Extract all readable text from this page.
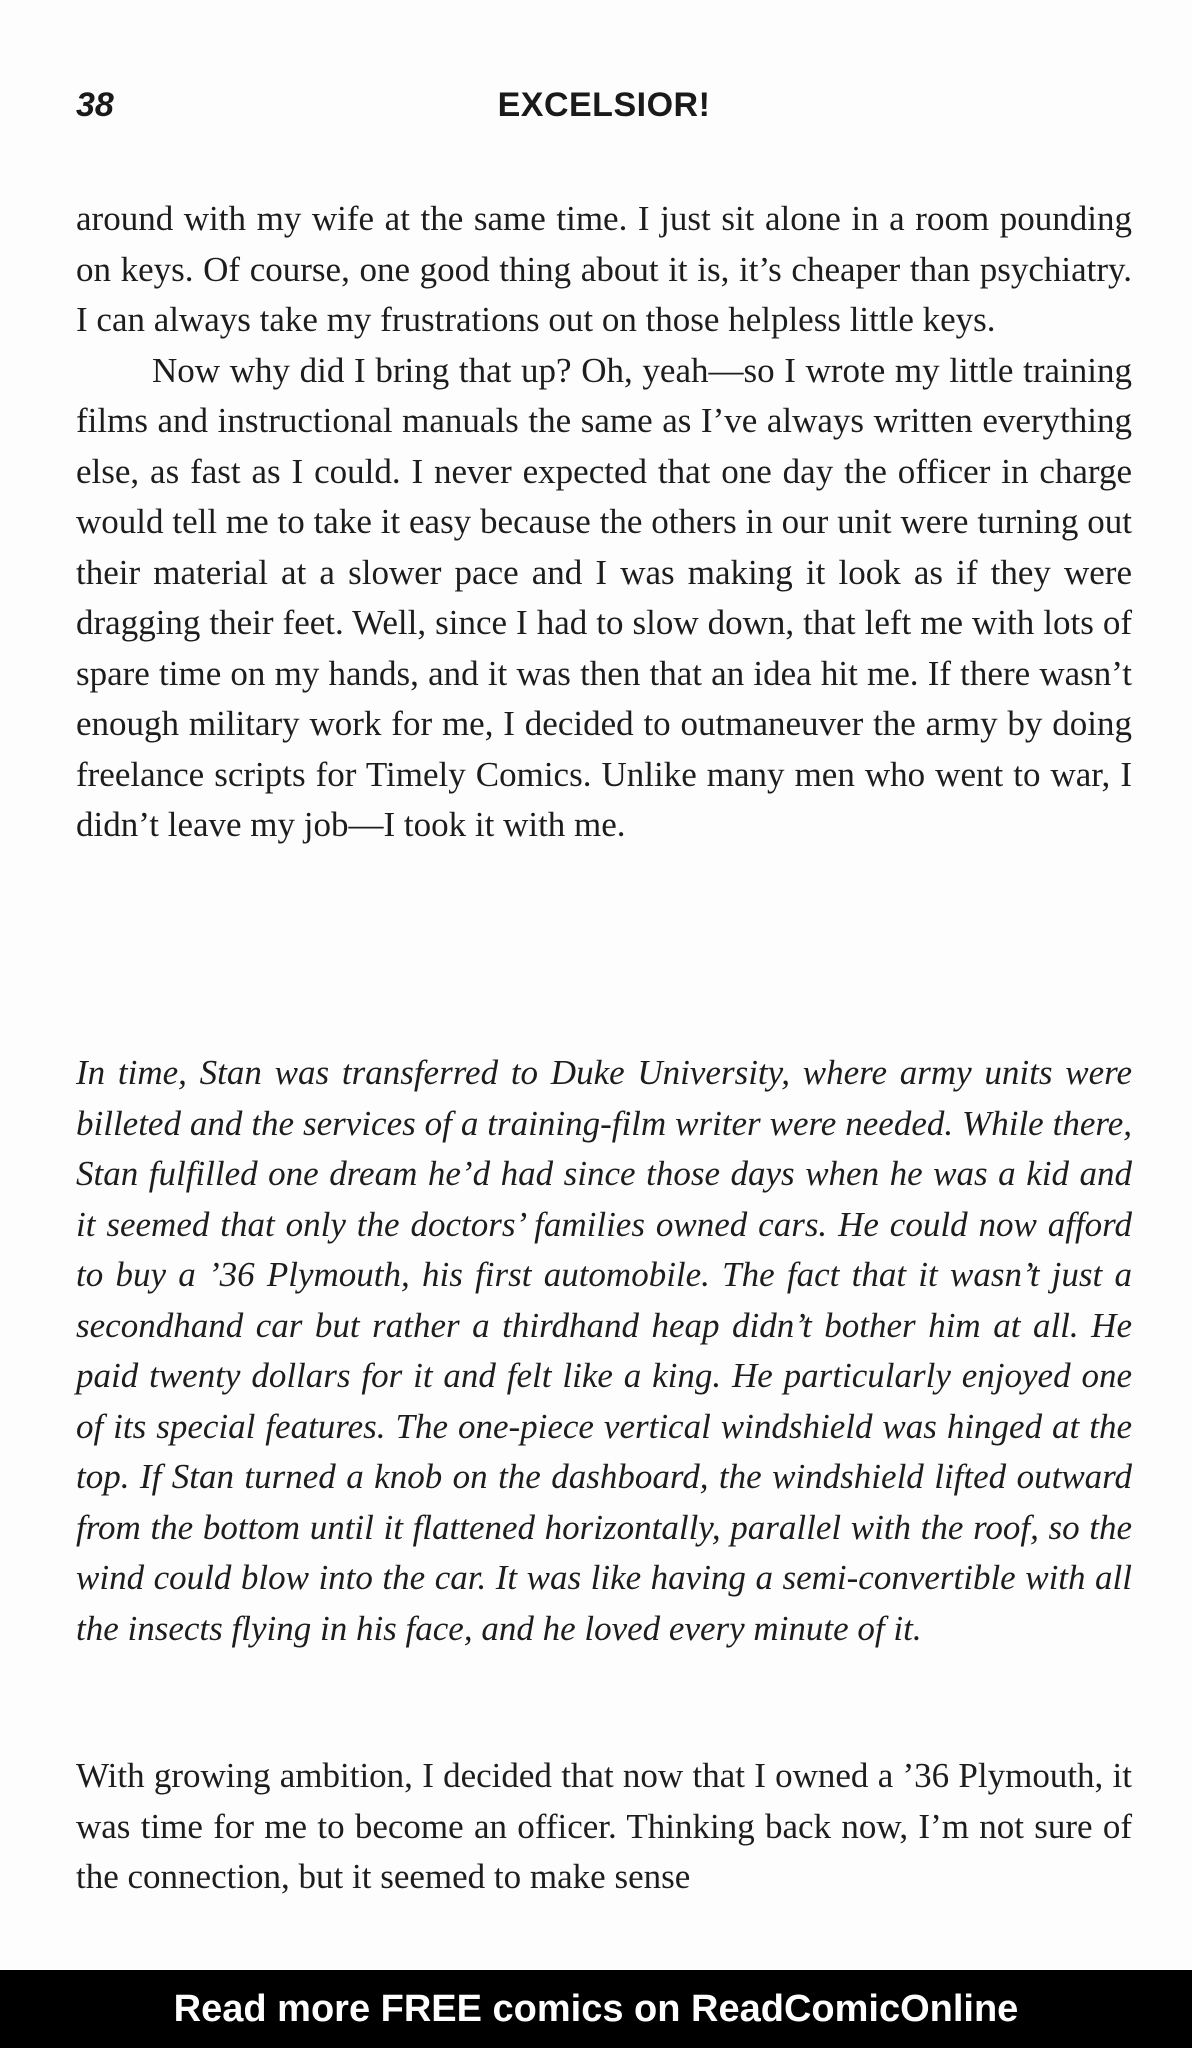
38	EXCELSIOR!

around with my wife at the same time. I just sit alone in a room pounding on keys. Of course, one good thing about it is, it’s cheaper than psychiatry. I can always take my frustrations out on those helpless little keys.

Now why did I bring that up? Oh, yeah—so I wrote my little training films and instructional manuals the same as I’ve always written everything else, as fast as I could. I never expected that one day the officer in charge would tell me to take it easy because the others in our unit were turning out their material at a slower pace and I was making it look as if they were dragging their feet. Well, since I had to slow down, that left me with lots of spare time on my hands, and it was then that an idea hit me. If there wasn’t enough military work for me, I decided to outmaneuver the army by doing freelance scripts for Timely Comics. Unlike many men who went to war, I didn’t leave my job—I took it with me.

In time, Stan was transferred to Duke University, where army units were billeted and the services of a training-film writer were needed. While there, Stan fulfilled one dream he’d had since those days when he was a kid and it seemed that only the doctors’ families owned cars. He could now afford to buy a ’36 Plymouth, his first automobile. The fact that it wasn’t just a secondhand car but rather a thirdhand heap didn’t bother him at all. He paid twenty dollars for it and felt like a king. He particularly enjoyed one of its special features. The one-piece vertical windshield was hinged at the top. If Stan turned a knob on the dashboard, the windshield lifted outward from the bottom until it flattened horizontally, parallel with the roof, so the wind could blow into the car. It was like having a semi-convertible with all the insects flying in his face, and he loved every minute of it.

With growing ambition, I decided that now that I owned a ’36 Plymouth, it was time for me to become an officer. Thinking back now, I’m not sure of the connection, but it seemed to make sense

Read more FREE comics on ReadComicOnline
